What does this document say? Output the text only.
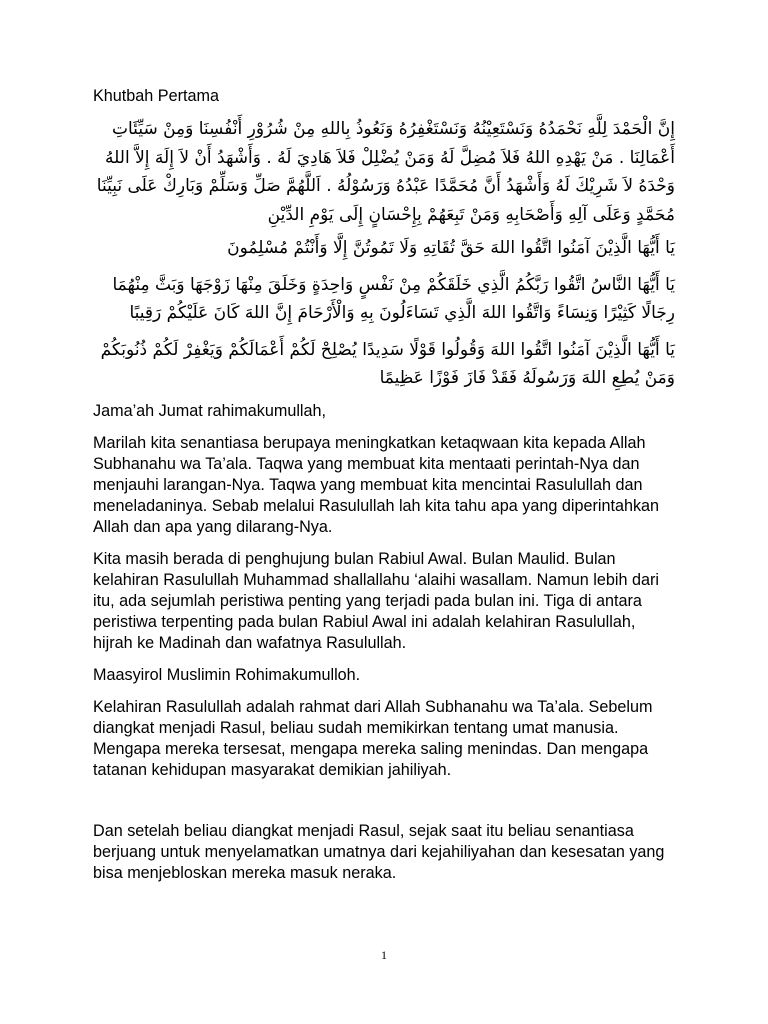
Khutbah Pertama
إِنَّ الْحَمْدَ لِلَّهِ نَحْمَدُهُ وَنَسْتَعِيْنُهُ وَنَسْتَغْفِرُهُ وَنَعُوذُ بِاللهِ مِنْ شُرُوْرِ أَنْفُسِنَا وَمِنْ سَيِّئَاتِ أَعْمَالِنَا . مَنْ يَهْدِهِ اللهُ فَلاَ مُضِلَّ لَهُ وَمَنْ يُضْلِلْ فَلاَ هَادِيَ لَهُ . وَأَشْهَدُ أَنْ لاَ إِلَهَ إِلاَّ اللهُ وَحْدَهُ لاَ شَرِيْكَ لَهُ وَأَشْهَدُ أَنَّ مُحَمَّدًا عَبْدُهُ وَرَسُوْلُهُ . اَللَّهُمَّ صَلِّ وَسَلِّمْ وَبَارِكْ عَلَى نَبِيِّنَا مُحَمَّدٍ وَعَلَى آلِهِ وَأَصْحَابِهِ وَمَنْ تَبِعَهُمْ بِإِحْسَانٍ إِلَى يَوْمِ الدِّيْنِ
يَا أَيُّهَا الَّذِيْنَ آمَنُوا اتَّقُوا اللهَ حَقَّ تُقَاتِهِ وَلَا تَمُوتُنَّ إِلَّا وَأَنْتُمْ مُسْلِمُونَ
يَا أَيُّهَا النَّاسُ اتَّقُوا رَبَّكُمُ الَّذِي خَلَقَكُمْ مِنْ نَفْسٍ وَاحِدَةٍ وَخَلَقَ مِنْهَا زَوْجَهَا وَبَثَّ مِنْهُمَا رِجَالًا كَثِيْرًا وَنِسَاءً وَاتَّقُوا اللهَ الَّذِي تَسَاءَلُونَ بِهِ وَالْأَرْحَامَ إِنَّ اللهَ كَانَ عَلَيْكُمْ رَقِيبًا
يَا أَيُّهَا الَّذِيْنَ آمَنُوا اتَّقُوا اللهَ وَقُولُوا قَوْلًا سَدِيدًا يُصْلِحْ لَكُمْ أَعْمَالَكُمْ وَيَغْفِرْ لَكُمْ ذُنُوبَكُمْ وَمَنْ يُطِعِ اللهَ وَرَسُولَهُ فَقَدْ فَازَ فَوْزًا عَظِيمًا

Jama’ah Jumat rahimakumullah,

Marilah kita senantiasa berupaya meningkatkan ketaqwaan kita kepada Allah Subhanahu wa Ta’ala. Taqwa yang membuat kita mentaati perintah-Nya dan menjauhi larangan-Nya. Taqwa yang membuat kita mencintai Rasulullah dan meneladaninya. Sebab melalui Rasulullah lah kita tahu apa yang diperintahkan Allah dan apa yang dilarang-Nya.

Kita masih berada di penghujung bulan Rabiul Awal. Bulan Maulid. Bulan kelahiran Rasulullah Muhammad shallallahu ‘alaihi wasallam. Namun lebih dari itu, ada sejumlah peristiwa penting yang terjadi pada bulan ini. Tiga di antara peristiwa terpenting pada bulan Rabiul Awal ini adalah kelahiran Rasulullah, hijrah ke Madinah dan wafatnya Rasulullah.

Maasyirol Muslimin Rohimakumulloh.

Kelahiran Rasulullah adalah rahmat dari Allah Subhanahu wa Ta’ala. Sebelum diangkat menjadi Rasul, beliau sudah memikirkan tentang umat manusia. Mengapa mereka tersesat, mengapa mereka saling menindas. Dan mengapa tatanan kehidupan masyarakat demikian jahiliyah.

Dan setelah beliau diangkat menjadi Rasul, sejak saat itu beliau senantiasa berjuang untuk menyelamatkan umatnya dari kejahiliyahan dan kesesatan yang bisa menjebloskan mereka masuk neraka.

1
